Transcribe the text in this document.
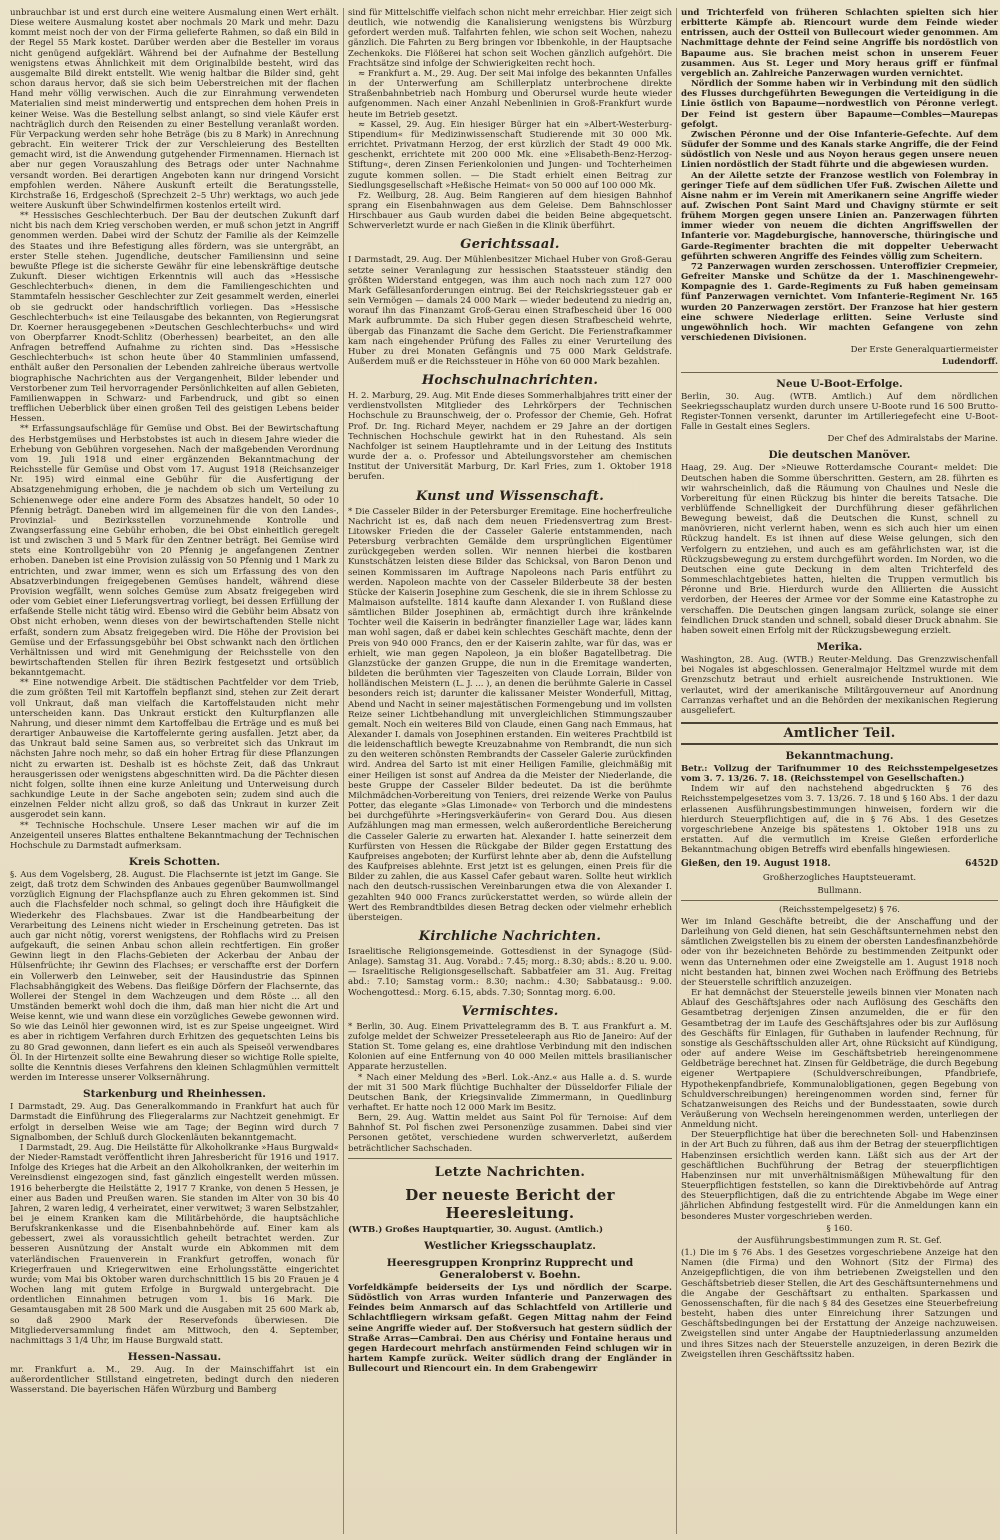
unbrauchbar ist und erst durch eine weitere Ausmalung einen Wert erhält. Diese weitere Ausmalung kostet aber nochmals 20 Mark und mehr. Dazu kommt meist noch der von der Firma gelieferte Rahmen, so daß ein Bild in der Regel 55 Mark kostet. Darüber werden aber die Besteller im voraus nicht genügend aufgeklärt. Während bei der Aufnahme der Bestellung wenigstens etwas Ähnlichkeit mit dem Originalbilde besteht, wird das ausgemalte Bild direkt entstellt. Wie wenig haltbar die Bilder sind, geht schon daraus hervor, daß sie sich beim Ueberstreichen mit der flachen Hand mehr völlig verwischen. Auch die zur Einrahmung verwendeten Materialien sind meist minderwertig und entsprechen dem hohen Preis in keiner Weise. Was die Bestellung selbst anlangt, so sind viele Käufer erst nachträglich durch den Reisenden zu einer Bestellung veranlaßt worden. Für Verpackung werden sehr hohe Beträge (bis zu 8 Mark) in Anrechnung gebracht. Ein weiterer Trick der zur Verschleierung des Bestellten gemacht wird, ist die Anwendung gutgehender Firmennamen. Hiernach ist aber nur gegen Vorauszahlung des Betrags oder unter Nachnahme versandt worden. Bei derartigen Angeboten kann nur dringend Vorsicht empfohlen werden. Nähere Auskunft erteilt die Beratungsstelle, Kirchstraße 16, Erdgeschoß (Sprechzeit 2–5 Uhr) werktags, wo auch jede weitere Auskunft über Schwindelfirmen kostenlos erteilt wird.

** Hessisches Geschlechterbuch. Der Bau der deutschen Zukunft darf nicht bis nach dem Krieg verschoben werden, er muß schon jetzt in Angriff genommen werden. Dabei wird der Schutz der Familie als der Keimzelle des Staates und ihre Befestigung alles fördern, was sie untergräbt, an erster Stelle stehen. Jugendliche, deutscher Familiensinn und seine bewußte Pflege ist die sicherste Gewähr für eine lebenskräftige deutsche Zukunft. Dieser wichtigen Erkenntnis will auch das »Hessische Geschlechterbuch« dienen, in dem die Familiengeschichten und Stammtafeln hessischer Geschlechter zur Zeit gesammelt werden, einerlei ob sie gedruckt oder handschriftlich vorliegen. Das »Hessische Geschlechterbuch« ist eine Teilausgabe des bekannten, von Regierungsrat Dr. Koerner herausgegebenen »Deutschen Geschlechterbuchs« und wird von Oberpfarrer Knodt-Schlitz (Oberhessen) bearbeitet, an den alle Anfragen betreffend Aufnahme zu richten sind. Das »Hessische Geschlechterbuch« ist schon heute über 40 Stammlinien umfassend, enthält außer den Personalien der Lebenden zahlreiche überaus wertvolle biographische Nachrichten aus der Vergangenheit, Bilder lebender und Verstorbener zum Teil hervorragender Persönlichkeiten auf allen Gebieten, Familienwappen in Schwarz- und Farbendruck, und gibt so einen trefflichen Ueberblick über einen großen Teil des geistigen Lebens beider Hessen.

** Erfassungsaufschläge für Gemüse und Obst. Bei der Bewirtschaftung des Herbstgemüses und Herbstobstes ist auch in diesem Jahre wieder die Erhebung von Gebühren vorgesehen. Nach der maßgebenden Verordnung vom 19. Juli 1918 und einer ergänzenden Bekanntmachung der Reichsstelle für Gemüse und Obst vom 17. August 1918 (Reichsanzeiger Nr. 195) wird einmal eine Gebühr für die Ausfertigung der Absatzgenehmigung erhoben, die je nachdem ob sich um Verteilung zu Schienenwege oder eine andere Form des Absatzes handelt, 50 oder 10 Pfennig beträgt. Daneben wird im allgemeinen für die von den Landes-, Provinzial- und Bezirksstellen vorzunehmende Kontrolle und Zwangserfassung eine Gebühr erhoben, die bei Obst einheitlich geregelt ist und zwischen 3 und 5 Mark für den Zentner beträgt. Bei Gemüse wird stets eine Kontrollgebühr von 20 Pfennig je angefangenen Zentner erhoben. Daneben ist eine Provision zulässig von 50 Pfennig und 1 Mark zu entrichten, und zwar immer, wenn es sich um Erfassung des von den Absatzverbindungen freigegebenen Gemüses handelt, während diese Provision wegfällt, wenn solches Gemüse zum Absatz freigegeben wird oder vom Gebiet einer Lieferungsvertrag vorliegt, bei dessen Erfüllung der erfaßende Stelle nicht tätig wird. Ebenso wird die Gebühr beim Absatz von Obst nicht erhoben, wenn dieses von der bewirtschaftenden Stelle nicht erfaßt, sondern zum Absatz freigegeben wird. Die Höhe der Provision bei Gemüse und der Erfassungsgebühr bei Obst schwankt nach den örtlichen Verhältnissen und wird mit Genehmigung der Reichsstelle von den bewirtschaftenden Stellen für ihren Bezirk festgesetzt und ortsüblich bekanntgemacht.

** Eine notwendige Arbeit. Die städtischen Pachtfelder vor dem Trieb, die zum größten Teil mit Kartoffeln bepflanzt sind, stehen zur Zeit derart voll Unkraut, daß man vielfach die Kartoffelstauden nicht mehr unterscheiden kann. Das Unkraut erstickt den Kulturpflanzen alle Nahrung, und dieser nimmt dem Kartoffelbau die Erträge und es muß bei derartiger Anbauweise die Kartoffelernte gering ausfallen. Jetzt aber, da das Unkraut bald seine Samen aus, so verbreitet sich das Unkraut im nächsten Jahre noch mehr, so daß ein hoher Ertrag für diese Pflanzungen nicht zu erwarten ist. Deshalb ist es höchste Zeit, daß das Unkraut herausgerissen oder wenigstens abgeschnitten wird. Da die Pächter diesen nicht folgen, sollte ihnen eine kurze Anleitung und Unterweisung durch sachkundige Leute in der Sache angeboten sein; zudem sind auch die einzelnen Felder nicht allzu groß, so daß das Unkraut in kurzer Zeit ausgerodet sein kann.

** Technische Hochschule. Unsere Leser machen wir auf die im Anzeigenteil unseres Blattes enthaltene Bekanntmachung der Technischen Hochschule zu Darmstadt aufmerksam.

Kreis Schotten.

§. Aus dem Vogelsberg, 28. August. Die Flachsernte ist jetzt im Gange. Sie zeigt, daß trotz dem Schwinden des Anbaues gegenüber Baumwollmangel vorzüglich Eignung der Flachspflanze auch zu Ehren gekommen ist. Sind auch die Flachsfelder noch schmal, so gelingt doch ihre Häufigkeit die Wiederkehr des Flachsbaues. Zwar ist die Handbearbeitung der Verarbeitung des Leinens nicht wieder in Erscheinung getreten. Das ist auch gar nicht nötig, vorerst wenigstens, der Rohflachs wird zu Preisen aufgekauft, die seinen Anbau schon allein rechtfertigen. Ein großer Gewinn liegt in den Flachs-Gebieten der Ackerbau der Anbau der Hülsenfrüchte; ihr Gewinn des Flachses; er verschaffte erst der Dorfern ein Vollerwerb den Leinweber, seit der Hausindustrie das Spinnen Flachsabhängigkeit des Webens. Das fleißige Dörfern der Flachsernte, das Wollerei der Stengel in dem Wachzeugen und dem Röste ... all den Umständen bemerkt wohl doch die ihm, daß man hier nicht die Art und Weise kennt, wie und wann diese ein vorzügliches Gewebe gewonnen wird. So wie das Leinöl hier gewonnen wird, ist es zur Speise ungeeignet. Wird es aber in richtigem Verfahren durch Erhitzen des gequetschten Leins bis zu 80 Grad gewonnen, dann liefert es ein auch als Speiseöl verwendbares Öl. In der Hirtenzeit sollte eine Bewahrung dieser so wichtige Rolle spielte, sollte die Kenntnis dieses Verfahrens den kleinen Schlagmühlen vermittelt werden im Interesse unserer Volksernährung.

Starkenburg und Rheinhessen.

I Darmstadt, 29. Aug. Das Generalkommando in Frankfurt hat auch für Darmstadt die Einführung des Fliegeralarms zur Nachtzeit genehmigt. Er erfolgt in derselben Weise wie am Tage; der Beginn wird durch 7 Signalbomben, der Schluß durch Glockenläuten bekanntgemacht.

I Darmstadt, 29. Aug. Die Heilstätte für Alkoholkranke »Haus Burgwald« der Nieder-Ramstadt veröffentlicht ihren Jahresbericht für 1916 und 1917. Infolge des Krieges hat die Arbeit an den Alkoholkranken, der weiterhin im Vereinsdienst eingezogen sind, fast gänzlich eingestellt werden müssen. 1916 beherbergte die Heilstätte 2, 1917 7 Kranke, von denen 5 Hessen, je einer aus Baden und Preußen waren. Sie standen im Alter von 30 bis 40 Jahren, 2 waren ledig, 4 verheiratet, einer verwitwet; 3 waren Selbstzahler, bei je einem Kranken kam die Militärbehörde, die hauptsächliche Berufskrankenkasse und die Eisenbahnbehörde auf. Einer kam als gebessert, zwei als voraussichtlich geheilt betrachtet werden. Zur besseren Ausnützung der Anstalt wurde ein Abkommen mit dem vaterländischen Frauenverein in Frankfurt getroffen, wonach für Kriegerfrauen und Kriegerwitwen eine Erholungsstätte eingerichtet wurde; vom Mai bis Oktober waren durchschnittlich 15 bis 20 Frauen je 4 Wochen lang mit gutem Erfolge in Burgwald untergebracht. Die ordentlichen Einnahmen betrugen vom 1. bis 16 Mark. Die Gesamtausgaben mit 28 500 Mark und die Ausgaben mit 25 600 Mark ab, so daß 2900 Mark der Reservefonds überwiesen. Die Mitgliederversammlung findet am Mittwoch, den 4. September, nachmittags 3 1/4 Uhr, im Hause Burgwald statt.

Hessen-Nassau.

mr. Frankfurt a. M., 29. Aug. In der Mainschiffahrt ist ein außerordentlicher Stillstand eingetreten, bedingt durch den niederen Wasserstand. Die bayerischen Häfen Würzburg und Bamberg

sind für Mittelschiffe vielfach schon nicht mehr erreichbar. Hier zeigt sich deutlich, wie notwendig die Kanalisierung wenigstens bis Würzburg gefordert werden muß. Talfahrten fehlen, wie schon seit Wochen, nahezu gänzlich. Die Fahrten zu Berg bringen vor Ibbenkohle, in der Hauptsache Zechenkoks. Die Flößerei hat schon seit Wochen gänzlich aufgehört. Die Frachtsätze sind infolge der Schwierigkeiten recht hoch.

≈ Frankfurt a. M., 29. Aug. Der seit Mai infolge des bekannten Unfalles in der Unterwerfung am Schillerplatz unterbrochene direkte Straßenbahnbetrieb nach Homburg und Oberursel wurde heute wieder aufgenommen. Nach einer Anzahl Nebenlinien in Groß-Frankfurt wurde heute im Betrieb gesetzt.

≈ Kassel, 29. Aug. Ein hiesiger Bürger hat ein »Albert-Westerburg-Stipendium« für Medizinwissenschaft Studierende mit 30 000 Mk. errichtet. Privatmann Herzog, der erst kürzlich der Stadt 49 000 Mk. geschenkt, errichtete mit 200 000 Mk. eine »Elisabeth-Benz-Herzog-Stiftung«, deren Zinsen Ferienkolonien und Jungen- und Tochterheimen zugute kommen sollen. — Die Stadt erhielt einen Beitrag zur Siedlungsgesellschaft »Heßische Heimat« von 50 000 auf 100 000 Mk.

Fz. Weilburg, 28. Aug. Beim Rangieren auf dem hiesigen Bahnhof sprang ein Eisenbahnwagen aus dem Geleise. Dem Bahnschlosser Hirschbauer aus Gaub wurden dabei die beiden Beine abgequetscht. Schwerverletzt wurde er nach Gießen in die Klinik überführt.

Gerichtssaal.

I Darmstadt, 29. Aug. Der Mühlenbesitzer Michael Huber von Groß-Gerau setzte seiner Veranlagung zur hessischen Staatssteuer ständig den größten Widerstand entgegen, was ihm auch noch nach zum 127 000 Mark Gefällesanforderungen eintrug. Bei der Reichskriegssteuer gab er sein Vermögen — damals 24 000 Mark — wieder bedeutend zu niedrig an, worauf ihn das Finanzamt Groß-Gerau einen Strafbescheid über 16 000 Mark aufbrummte. Da sich Huber gegen diesen Strafbescheid wehrte, übergab das Finanzamt die Sache dem Gericht. Die Ferienstrafkammer kam nach eingehender Prüfung des Falles zu einer Verurteilung des Huber zu drei Monaten Gefängnis und 75 000 Mark Geldstrafe. Außerdem muß er die Reichssteuer in Höhe von 60 000 Mark bezahlen.

Hochschulnachrichten.

H. 2. Marburg, 29. Aug. Mit Ende dieses Sommerhalbjahres tritt einer der verdienstvollsten Mitglieder des Lehrkörpers der Technischen Hochschule zu Braunschweig, der o. Professor der Chemie, Geh. Hofrat Prof. Dr. Ing. Richard Meyer, nachdem er 29 Jahre an der dortigen Technischen Hochschule gewirkt hat in den Ruhestand. Als sein Nachfolger ist seinem Hauptlehramte und in der Leitung des Instituts wurde der a. o. Professor und Abteilungsvorsteher am chemischen Institut der Universität Marburg, Dr. Karl Fries, zum 1. Oktober 1918 berufen.

Kunst und Wissenschaft.

* Die Casseler Bilder in der Petersburger Eremitage. Eine hocherfreuliche Nachricht ist es, daß nach dem neuen Friedensvertrag zum Brest-Litowsker Frieden die der Casseler Galerie entstammenden, nach Petersburg verbrachten Gemälde dem ursprünglichen Eigentümer zurückgegeben werden sollen. Wir nennen hierbei die kostbaren Kunstschätzen leisten diese Bilder das Schicksal, von Baron Denon und seinen Kommissaren im Auftrage Napoleons nach Paris entführt zu werden. Napoleon machte von der Casseler Bilderbeute 38 der besten Stücke der Kaiserin Josephine zum Geschenk, die sie in ihrem Schlosse zu Malmaison aufstellte. 1814 kaufte dann Alexander I. von Rußland diese sämtlichen Bilder Josephinen ab, ermächtigt durch ihre kränkelnde Tochter weil die Kaiserin in bedrängter finanzieller Lage war, lädes kann man wohl sagen, daß er dabei kein schlechtes Geschäft machte, denn der Preis von 940 000 Francs, den er der Kaiserin zahlte, war für das, was er erhielt, wie man gegen Napoleon, ja ein bloßer Bagatellbetrag. Die Glanzstücke der ganzen Gruppe, die nun in die Eremitage wanderten, bildeten die berühmten vier Tageszeiten von Claude Lorrain, Bilder von holländischen Meistern (L. J. ... ), an denen die berühmte Galerie in Cassel besonders reich ist; darunter die kalissaner Meister Wonderfull, Mittag, Abend und Nacht in seiner majestätischen Formengebung und im vollsten Reize seiner Lichtbehandlung mit unvergleichlichen Stimmungszauber gemalt. Noch ein weiteres Bild von Claude, einen Gang nach Emmaus, hat Alexander I. damals von Josephinen erstanden. Ein weiteres Prachtbild ist die leidenschaftlich bewegte Kreuzabnahme von Rembrandt, die nun sich zu den weiteren schönsten Rembrandts der Casseler Galerie zurückfinden wird. Andrea del Sarto ist mit einer Heiligen Familie, gleichmäßig mit einer Heiligen ist sonst auf Andrea da die Meister der Niederlande, die beste Gruppe der Casseler Bilder bedeutet. Da ist die berühmte Milchmädchen-Vorbereitung von Teniers, drei reizende Werke von Paulus Potter, das elegante »Glas Limonade« von Terborch und die mindestens bei durchgeführte »Heringsverkäuferin« von Gerard Dou. Aus diesen Aufzählungen mag man ermessen, welch außerordentliche Bereicherung die Casseler Galerie zu erwarten hat. Alexander I. hatte seinerzeit dem Kurfürsten von Hessen die Rückgabe der Bilder gegen Erstattung des Kaufpreises angeboten; der Kurfürst lehnte aber ab, denn die Aufstellung des Kaufpreises ablehnte. Erst jetzt ist es gelungen, einen Preis für die Bilder zu zahlen, die aus Kassel Cafer gebaut waren. Sollte heut wirklich nach den deutsch-russischen Vereinbarungen etwa die von Alexander I. gezahlten 940 000 Francs zurückerstattet werden, so würde allein der Wert des Rembrandtbildes diesen Betrag decken oder vielmehr erheblich übersteigen.

Kirchliche Nachrichten.

Israelitische Religionsgemeinde. Gottesdienst in der Synagoge (Süd-Anlage). Samstag 31. Aug. Vorabd.: 7.45; morg.: 8.30; abds.: 8.20 u. 9.00. — Israelitische Religionsgesellschaft. Sabbatfeier am 31. Aug. Freitag abd.: 7.10; Samstag vorm.: 8.30; nachm.: 4.30; Sabbatausg.: 9.00. Wochengottesd.: Morg. 6.15, abds. 7.30; Sonntag morg. 6.00.

Vermischtes.

* Berlin, 30. Aug. Einem Privattelegramm des B. T. aus Frankfurt a. M. zufolge meldet der Schweizer Presseteleeraph aus Rio de Janeiro: Auf der Station St. Tome gelang es, eine drahtlose Verbindung mit den indischen Kolonien auf eine Entfernung von 40 000 Meilen mittels brasilianischer Apparate herzustellen.

* Nach einer Meldung des »Berl. Lok.-Anz.« aus Halle a. d. S. wurde der mit 31 500 Mark flüchtige Buchhalter der Düsseldorfer Filiale der Deutschen Bank, der Kriegsinvalide Zimmermann, in Quedlinburg verhaftet. Er hatte noch 12 000 Mark im Besitz.

Bern, 29. Aug. Wattin meldet aus Saint Pol für Ternoise: Auf dem Bahnhof St. Pol fischen zwei Personenzüge zusammen. Dabei sind vier Personen getötet, verschiedene wurden schwerverletzt, außerdem beträchtlicher Sachschaden.

Letzte Nachrichten.
Der neueste Bericht der Heeresleitung.

(WTB.) Großes Hauptquartier, 30. August. (Amtlich.)

Westlicher Kriegsschauplatz.
Heeresgruppen Kronprinz Rupprecht und Generaloberst v. Boehn.

Vorfeldkämpfe beiderseits der Lys und nördlich der Scarpe. Südöstlich von Arras wurden Infanterie und Panzerwagen des Feindes beim Anmarsch auf das Schlachtfeld von Artillerie und Schlachtfliegern wirksam gefaßt. Gegen Mittag nahm der Feind seine Angriffe wieder auf. Der Stoßversuch hat gestern südlich der Straße Arras—Cambrai. Den aus Chérisy und Fontaine heraus und gegen Hardecourt mehrfach anstürmenden Feind schlugen wir in hartem Kampfe zurück. Weiter südlich drang der Engländer in Bullecourt und Riencourt ein. In dem Grabengewirr

und Trichterfeld von früheren Schlachten spielten sich hier erbitterte Kämpfe ab. Riencourt wurde dem Feinde wieder entrissen, auch der Ostteil von Bullecourt wieder genommen. Am Nachmittage dehnte der Feind seine Angriffe bis nordöstlich von Bapaume aus. Sie brachen meist schon in unserem Feuer zusammen. Aus St. Leger und Mory heraus griff er fünfmal vergeblich an. Zahlreiche Panzerwagen wurden vernichtet.

Nördlich der Somme haben wir in Verbindung mit den südlich des Flusses durchgeführten Bewegungen die Verteidigung in die Linie östlich von Bapaume—nordwestlich von Péronne verlegt. Der Feind ist gestern über Bapaume—Combles—Maurepas gefolgt.

Zwischen Péronne und der Oise Infanterie-Gefechte. Auf dem Südufer der Somme und des Kanals starke Angriffe, die der Feind südöstlich von Nesle und aus Noyon heraus gegen unsere neuen Linien nordöstlich der Stadt führte und die abgewiesen wurden.

An der Ailette setzte der Franzose westlich von Folembray in geringer Tiefe auf dem südlichen Ufer Fuß. Zwischen Ailette und Aisne nahm er im Verein mit Amerikanern seine Angriffe wieder auf. Zwischen Pont Saint Mard und Chavigny stürmte er seit frühem Morgen gegen unsere Linien an. Panzerwagen führten immer wieder von neuem die dichten Angriffswellen der Infanterie vor. Magdeburgische, hannoversche, thüringische und Garde-Regimenter brachten die mit doppelter Ueberwacht geführten schweren Angriffe des Feindes völlig zum Scheitern.

72 Panzerwagen wurden zerschossen. Unteroffizier Crepmeier, Gefreiter Manske und Schütze da der 1. Maschinengewehr-Kompagnie des 1. Garde-Regiments zu Fuß haben gemeinsam fünf Panzerwagen vernichtet. Vom Infanterie-Regiment Nr. 165 wurden 20 Panzerwagen zerstört. Der Franzose hat hier gestern eine schwere Niederlage erlitten. Seine Verluste sind ungewöhnlich hoch. Wir machten Gefangene von zehn verschiedenen Divisionen.

Der Erste Generalquartiermeister
Ludendorff.
Neue U-Boot-Erfolge.

Berlin, 30. Aug. (WTB. Amtlich.) Auf dem nördlichen Seekriegsschauplatz wurden durch unsere U-Boote rund 16 500 Brutto-Register-Tonnen versenkt, darunter im Artilleriegefecht eine U-Boot-Falle in Gestalt eines Seglers.

Der Chef des Admiralstabs der Marine.
Die deutschen Manöver.

Haag, 29. Aug. Der »Nieuwe Rotterdamsche Courant« meldet: Die Deutschen haben die Somme überschritten. Gestern, am 28. führten es wir wahrscheinlich, daß die Räumung von Chaulnes und Nesle die Vorbereitung für einen Rückzug bis hinter die bereits Tatsache. Die verblüffende Schnelligkeit der Durchführung dieser gefährlichen Bewegung beweist, daß die Deutschen die Kunst, schnell zu manövrieren, nicht verlernt haben, wenn es sich auch hier um einen Rückzug handelt. Es ist ihnen auf diese Weise gelungen, sich den Verfolgern zu entziehen, und auch es am gefährlichsten war, ist die Rückzugsbewegung zu erstem durchgeführt worden. Im Norden, wo die Deutschen eine gute Deckung in dem alten Trichterfeld des Sommeschlachtgebietes hatten, hielten die Truppen vermutlich bis Péronne und Brie. Hierdurch wurde den Alliierten die Aussicht verdorben, der Heeres der Armee vor der Somme eine Katastrophe zu verschaffen. Die Deutschen gingen langsam zurück, solange sie einer feindlichen Druck standen und schnell, sobald dieser Druck abnahm. Sie haben soweit einen Erfolg mit der Rückzugsbewegung erzielt.

Merika.

Washington, 28. Aug. (WTB.) Reuter-Meldung. Das Grenzzwischenfall bei Nogales ist abgeschlossen. Generalmajor Heltzmel wurde mit dem Grenzschutz betraut und erhielt ausreichende Instruktionen. Wie verlautet, wird der amerikanische Militärgouverneur auf Anordnung Carranzas verhaftet und an die Behörden der mexikanischen Regierung ausgeliefert.

Amtlicher Teil.
Bekanntmachung.

Betr.: Vollzug der Tarifnummer 10 des Reichsstempelgesetzes vom 3. 7. 13/26. 7. 18. (Reichsstempel von Gesellschaften.)

Indem wir auf den nachstehend abgedruckten § 76 des Reichsstempelgesetzes vom 3. 7. 13/26. 7. 18 und § 160 Abs. 1 der dazu erlassenen Ausführungsbestimmungen hinweisen, fordern wir die hierdurch Steuerpflichtigen auf, die in § 76 Abs. 1 des Gesetzes vorgeschriebene Anzeige bis spätestens 1. Oktober 1918 uns zu erstatten. Auf die vermutlich im Kreise Gießen erforderliche Bekanntmachung obigen Betreffs wird ebenfalls hingewiesen.

Gießen, den 19. August 1918.	6452D
Großherzogliches Hauptsteueramt.
Bullmann.
(Reichsstempelgesetz) § 76.

Wer im Inland Geschäfte betreibt, die der Anschaffung und der Darleihung von Geld dienen, hat sein Geschäftsunternehmen nebst den sämtlichen Zweigstellen bis zu einem der obersten Landesfinanzbehörde oder von ihr bezeichneten Behörde zu bestimmenden Zeitpunkt oder wenn das Unternehmen oder eine Zweigstelle am 1. August 1918 noch nicht bestanden hat, binnen zwei Wochen nach Eröffnung des Betriebs der Steuerstelle schriftlich anzuzeigen.

Er hat demnächst der Steuerstelle jeweils binnen vier Monaten nach Ablauf des Geschäftsjahres oder nach Auflösung des Geschäfts den Gesamtbetrag derjenigen Zinsen anzumelden, die er für den Gesamtbetrag der im Laufe des Geschäftsjahres oder bis zur Auflösung des Geschäfts für Einlagen, für Guthaben in laufender Rechnung, für sonstige als Geschäftsschulden aller Art, ohne Rücksicht auf Kündigung, oder auf andere Weise im Geschäftsbetrieb hereingenommene Geldbeträge berechnet hat. Zinsen für Geldbeträge, die durch Begebung eigener Wertpapiere (Schuldverschreibungen, Pfandbriefe, Hypothekenpfandbriefe, Kommunalobligationen, gegen Begebung von Schuldverschreibungen) hereingenommen worden sind, ferner für Schatzanweisungen des Reichs und der Bundesstaaten, sowie durch Veräußerung von Wechseln hereingenommen werden, unterliegen der Anmeldung nicht.

Der Steuerpflichtige hat über die berechneten Soll- und Habenzinsen in der Art Buch zu führen, daß aus ihm der Betrag der steuerpflichtigen Habenzinsen ersichtlich werden kann. Läßt sich aus der Art der geschäftlichen Buchführung der Betrag der steuerpflichtigen Habenzinsen nur mit unverhältnismäßigen Mühewaltung für den Steuerpflichtigen feststellen, so kann die Direktivbehörde auf Antrag des Steuerpflichtigen, daß die zu entrichtende Abgabe im Wege einer jährlichen Abfindung festgestellt wird. Für die Anmeldungen kann ein besonderes Muster vorgeschrieben werden.

§ 160.
der Ausführungsbestimmungen zum R. St. Gef.

(1.) Die im § 76 Abs. 1 des Gesetzes vorgeschriebene Anzeige hat den Namen (die Firma) und den Wohnort (Sitz der Firma) des Anzeigepflichtigen, die von ihm betriebenen Zweigstellen und den Geschäftsbetrieb dieser Stellen, die Art des Geschäftsunternehmens und die Angabe der Geschäftsart zu enthalten. Sparkassen und Genossenschaften, für die nach § 84 des Gesetzes eine Steuerbefreiung besteht, haben dies unter Einreichung ihrer Satzungen und Geschäftsbedingungen bei der Erstattung der Anzeige nachzuweisen. Zweigstellen sind unter Angabe der Hauptniederlassung anzumelden und ihres Sitzes nach der Steuerstelle anzuzeigen, in deren Bezirk die Zweigstellen ihren Geschäftssitz haben.
